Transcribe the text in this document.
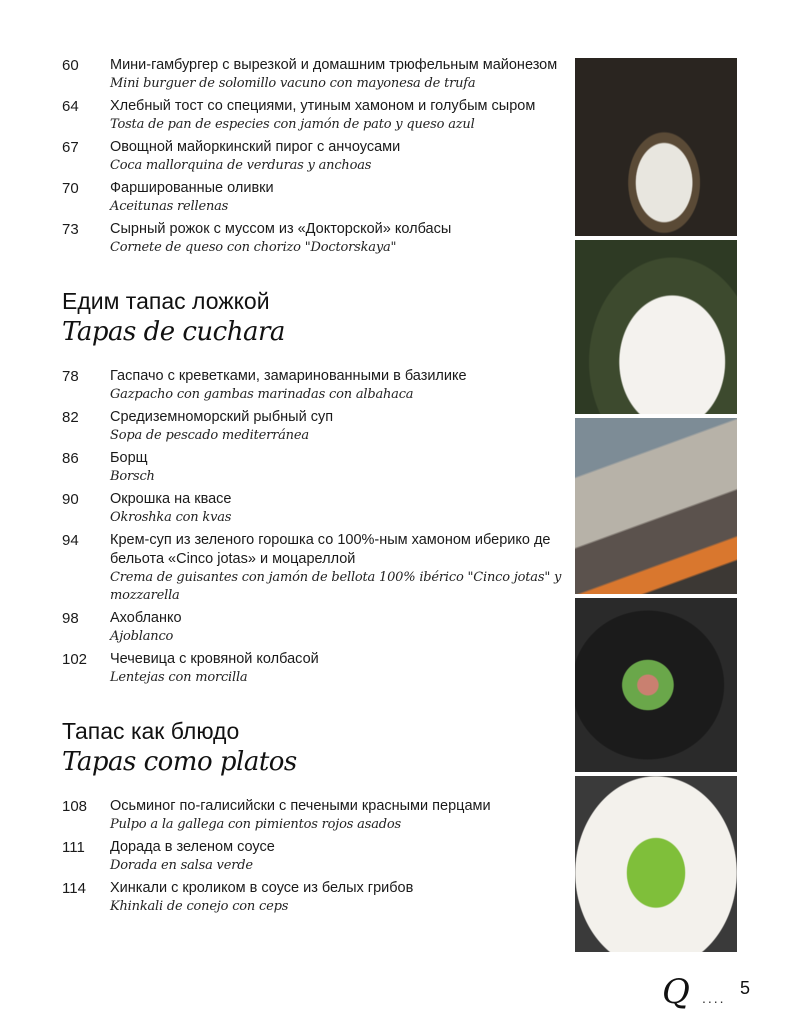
60	Мини-гамбургер с вырезкой и домашним трюфельным майонезом
Mini burguer de solomillo vacuno con mayonesa de trufa
64	Хлебный тост со специями, утиным хамоном и голубым сыром
Tosta de pan de especies con jamón de pato y queso azul
67	Овощной майоркинский пирог с анчоусами
Coca mallorquina de verduras y anchoas
70	Фаршированные оливки
Aceitunas rellenas
73	Сырный рожок с муссом из «Докторской» колбасы
Cornete de queso con chorizo "Doctorskaya"
Едим тапас ложкой
Tapas de cuchara
78	Гаспачо с креветками, замаринованными в базилике
Gazpacho con gambas marinadas con albahaca
82	Средиземноморский рыбный суп
Sopa de pescado mediterránea
86	Борщ
Borsch
90	Окрошка на квасе
Okroshka con kvas
94	Крем-суп из зеленого горошка со 100%-ным хамоном иберико де бельота «Cinco jotas» и моцареллой
Crema de guisantes con jamón de bellota 100% ibérico "Cinco jotas" y mozzarella
98	Ахобланко
Ajoblanco
102	Чечевица с кровяной колбасой
Lentejas con morcilla
Тапас как блюдо
Tapas como platos
108	Осьминог по-галисийски с печеными красными перцами
Pulpo a la gallega con pimientos rojos asados
111	Дорада в зеленом соусе
Dorada en salsa verde
114	Хинкали с кроликом в соусе из белых грибов
Khinkali de conejo con ceps
Q .... 5
